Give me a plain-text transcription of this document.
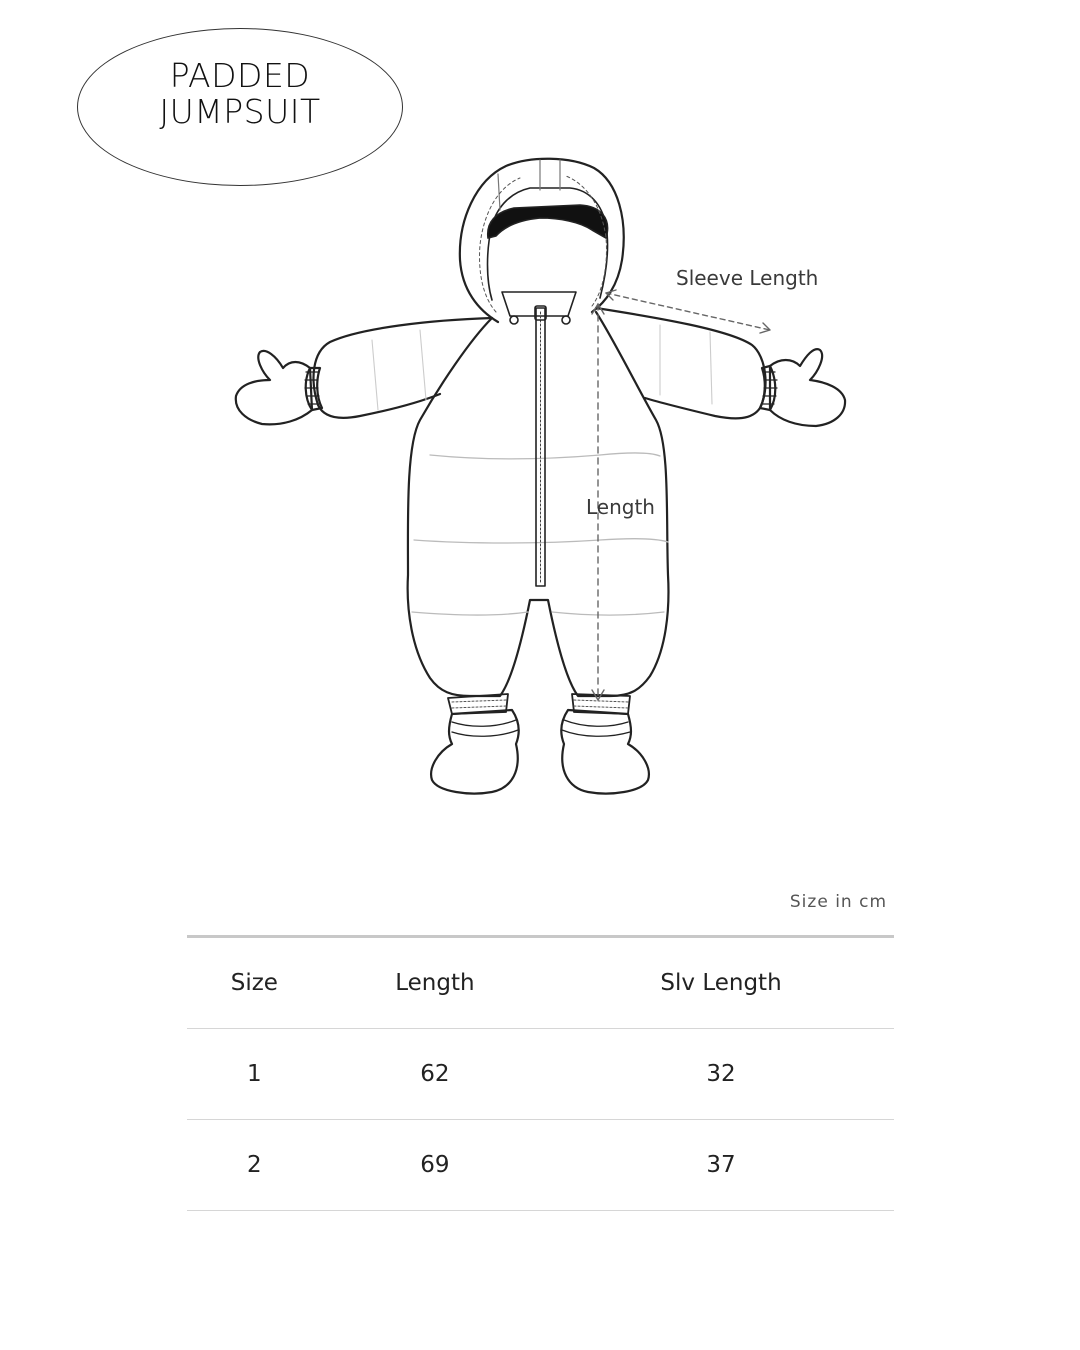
PADDED
JUMPSUIT
Sleeve Length
Length
Size in cm
Size	Length	Slv Length
1	62	32
2	69	37
